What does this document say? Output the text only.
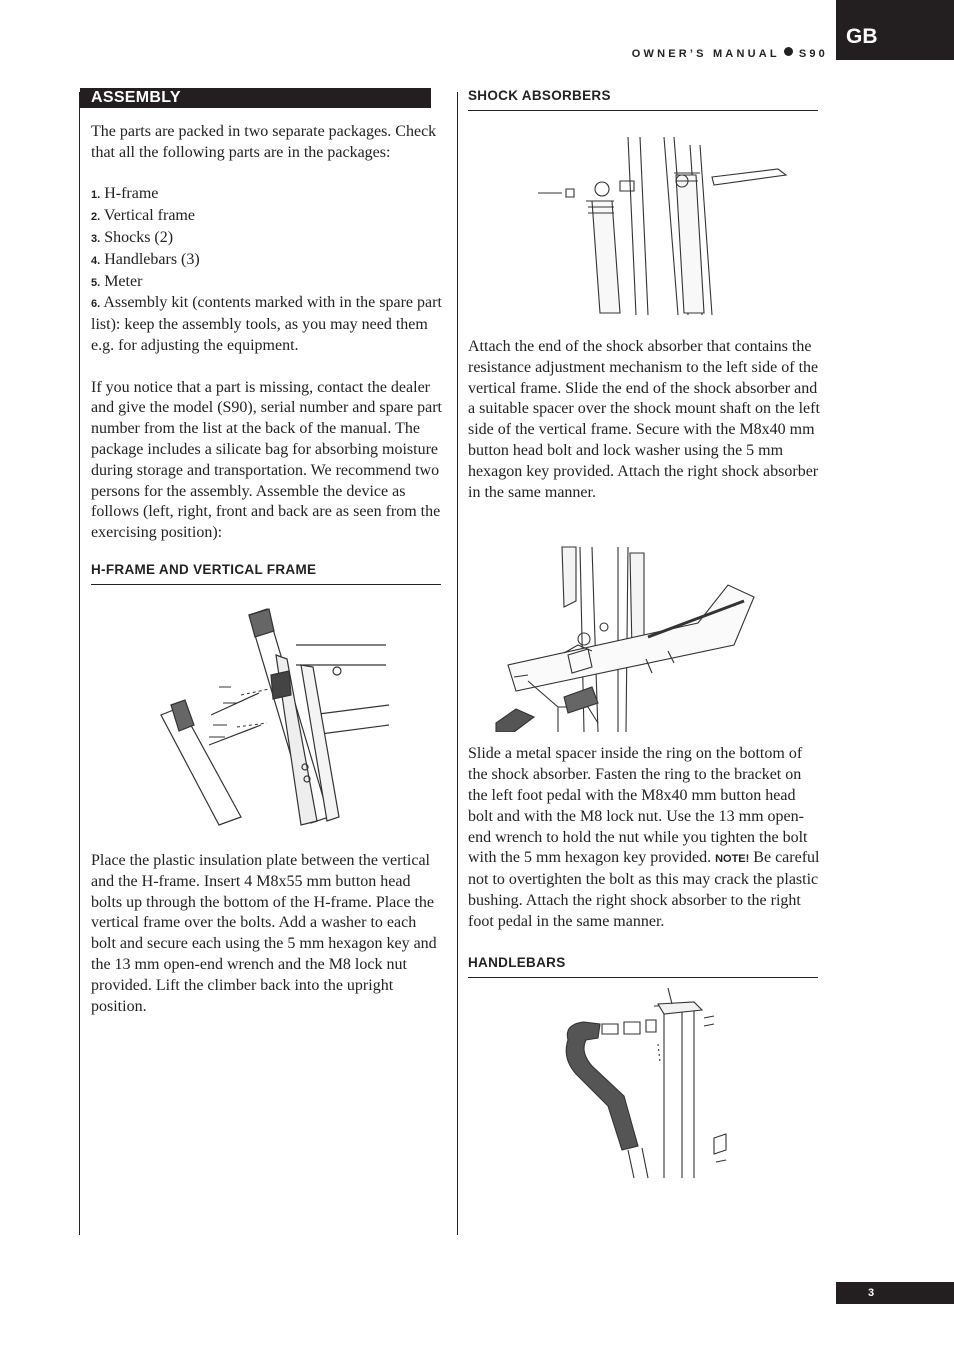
GB
OWNER’S MANUAL S90
ASSEMBLY

The parts are packed in two separate packages. Check that all the following parts are in the packages:

1. H-frame
2. Vertical frame
3. Shocks (2)
4. Handlebars (3)
5. Meter
6. Assembly kit (contents marked with in the spare part list): keep the assembly tools, as you may need them e.g. for adjusting the equipment.

If you notice that a part is missing, contact the dealer and give the model (S90), serial number and spare part number from the list at the back of the manual. The package includes a silicate bag for absorbing moisture during storage and transportation. We recommend two persons for the assembly. Assemble the device as follows (left, right, front and back are as seen from the exercising position):

H-FRAME AND VERTICAL FRAME

Place the plastic insulation plate between the vertical and the H-frame. Insert 4 M8x55 mm button head bolts up through the bottom of the H-frame. Place the vertical frame over the bolts. Add a washer to each bolt and secure each using the 5 mm hexagon key and the 13 mm open-end wrench and the M8 lock nut provided. Lift the climber back into the upright position.

SHOCK ABSORBERS

Attach the end of the shock absorber that contains the resistance adjustment mechanism to the left side of the vertical frame. Slide the end of the shock absorber and a suitable spacer over the shock mount shaft on the left side of the vertical frame. Secure with the M8x40 mm button head bolt and lock washer using the 5 mm hexagon key provided. Attach the right shock absorber in the same manner.

Slide a metal spacer inside the ring on the bottom of the shock absorber. Fasten the ring to the bracket on the left foot pedal with the M8x40 mm button head bolt and with the M8 lock nut. Use the 13 mm open-end wrench to hold the nut while you tighten the bolt with the 5 mm hexagon key provided. NOTE! Be careful not to overtighten the bolt as this may crack the plastic bushing. Attach the right shock absorber to the right foot pedal in the same manner.

HANDLEBARS
3
